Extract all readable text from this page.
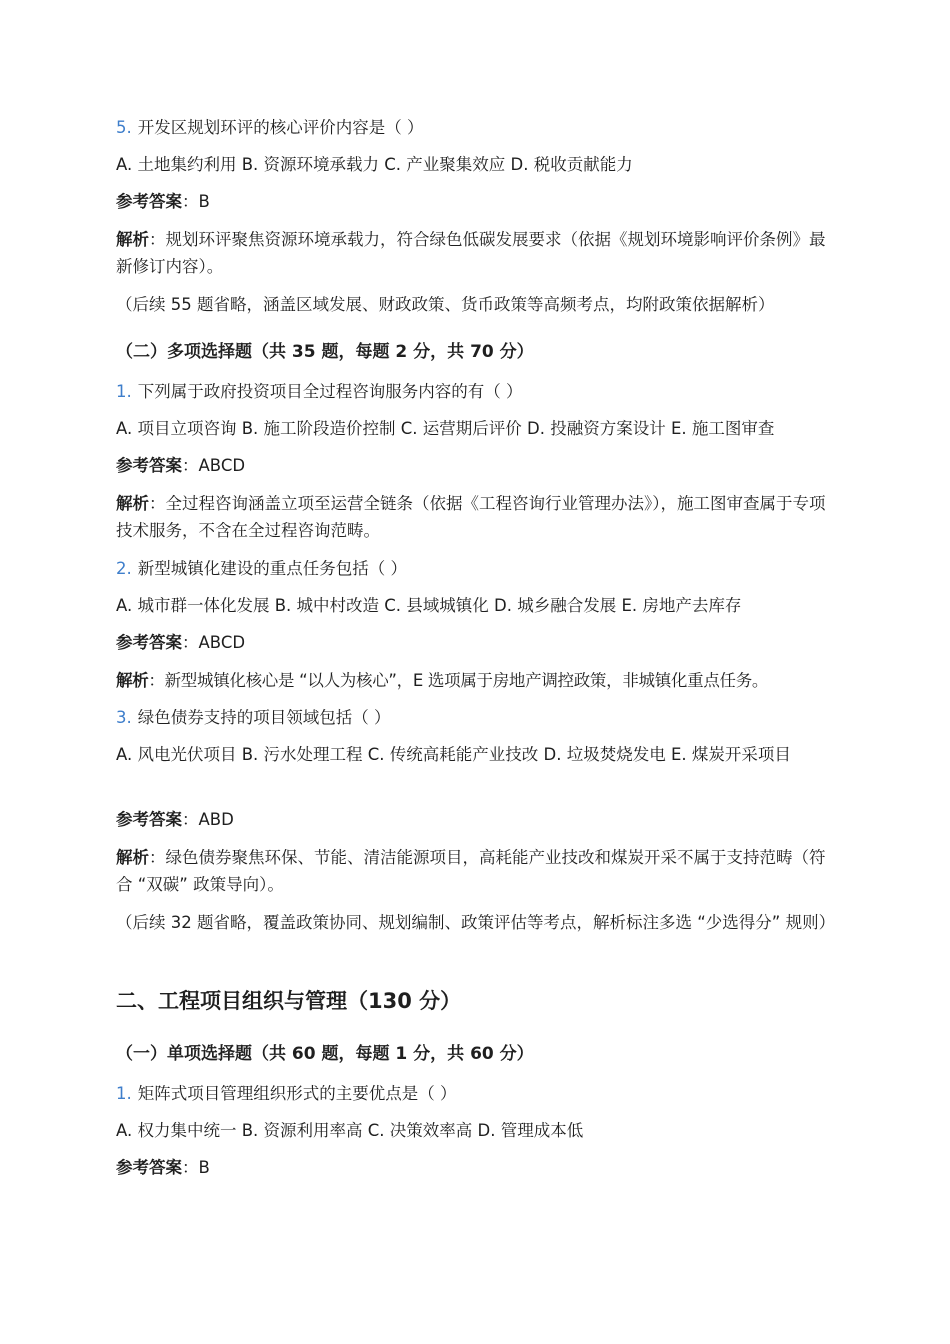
5. 开发区规划环评的核心评价内容是（ ）
A. 土地集约利用 B. 资源环境承载力 C. 产业聚集效应 D. 税收贡献能力
参考答案：B
解析：规划环评聚焦资源环境承载力，符合绿色低碳发展要求（依据《规划环境影响评价条例》最新修订内容）。
（后续 55 题省略，涵盖区域发展、财政政策、货币政策等高频考点，均附政策依据解析）
（二）多项选择题（共 35 题，每题 2 分，共 70 分）
1. 下列属于政府投资项目全过程咨询服务内容的有（ ）
A. 项目立项咨询 B. 施工阶段造价控制 C. 运营期后评价 D. 投融资方案设计 E. 施工图审查
参考答案：ABCD
解析：全过程咨询涵盖立项至运营全链条（依据《工程咨询行业管理办法》），施工图审查属于专项技术服务，不含在全过程咨询范畴。
2. 新型城镇化建设的重点任务包括（ ）
A. 城市群一体化发展 B. 城中村改造 C. 县域城镇化 D. 城乡融合发展 E. 房地产去库存
参考答案：ABCD
解析：新型城镇化核心是 “以人为核心”，E 选项属于房地产调控政策，非城镇化重点任务。
3. 绿色债券支持的项目领域包括（ ）
A. 风电光伏项目 B. 污水处理工程 C. 传统高耗能产业技改 D. 垃圾焚烧发电 E. 煤炭开采项目
参考答案：ABD
解析：绿色债券聚焦环保、节能、清洁能源项目，高耗能产业技改和煤炭开采不属于支持范畴（符合 “双碳” 政策导向）。
（后续 32 题省略，覆盖政策协同、规划编制、政策评估等考点，解析标注多选 “少选得分” 规则）
二、工程项目组织与管理（130 分）
（一）单项选择题（共 60 题，每题 1 分，共 60 分）
1. 矩阵式项目管理组织形式的主要优点是（ ）
A. 权力集中统一 B. 资源利用率高 C. 决策效率高 D. 管理成本低
参考答案：B
